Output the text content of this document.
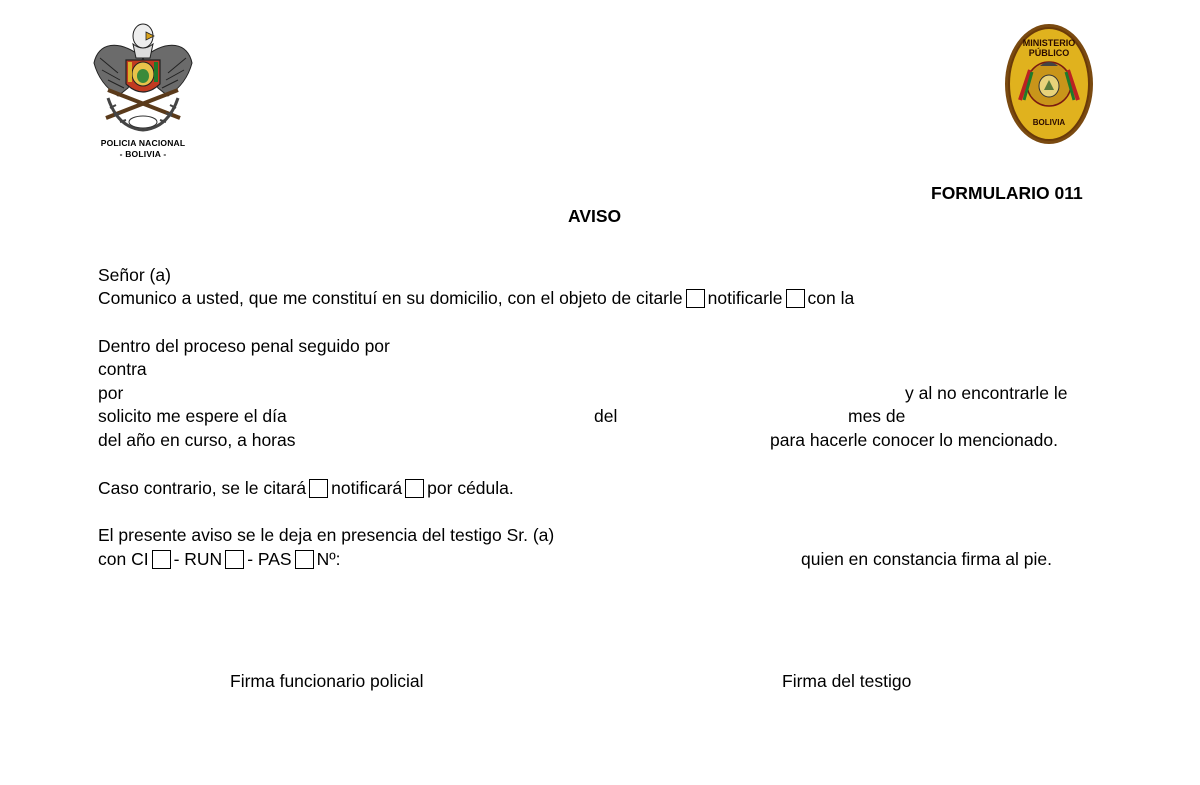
POLICIA NACIONAL
- BOLIVIA -
MINISTERIO
PÚBLICO
BOLIVIA
FORMULARIO 011
AVISO
Señor (a)
Comunico a usted, que me constituí en su domicilio, con el objeto de citarle notificarle con la
Dentro del proceso penal seguido por
contra
por	y al no encontrarle le
solicito me espere el día	del	mes de
del año en curso, a horas	para hacerle conocer lo mencionado.
Caso contrario, se le citará notificará por cédula.
El presente aviso se le deja en presencia del testigo Sr. (a)
con CI - RUN - PAS Nº:	quien en constancia firma al pie.
Firma funcionario policial	Firma del testigo
